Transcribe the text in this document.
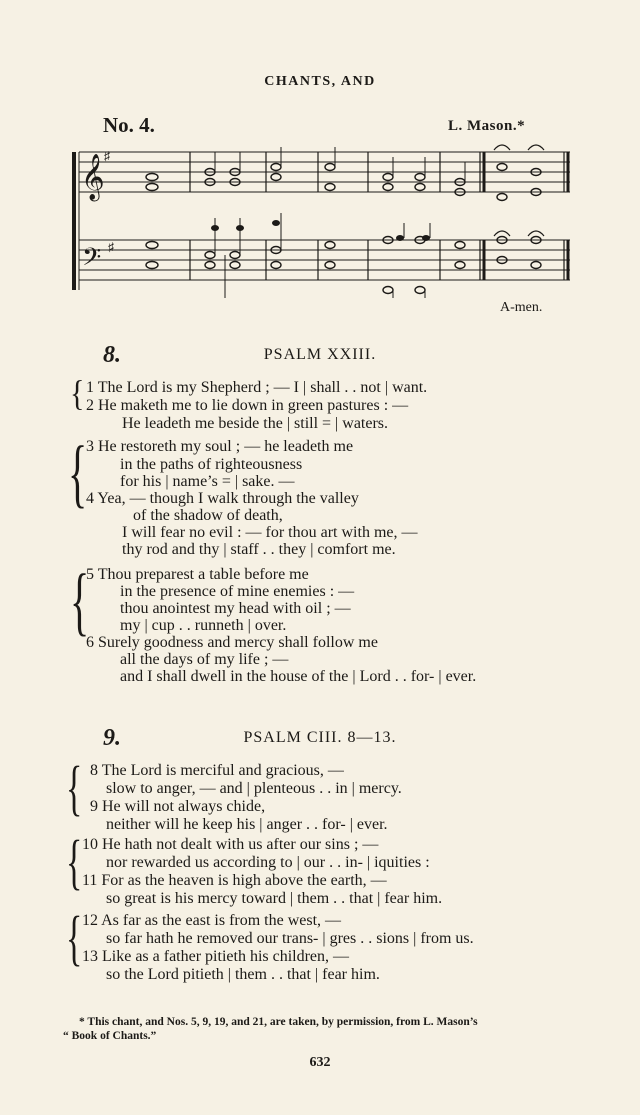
CHANTS, AND
No. 4.	L. Mason.*
𝄞
𝄢
♯
♯
A-men.
8.	PSALM XXIII.
{ 1 The Lord is my Shepherd ; — I | shall . . not | want.
2 He maketh me to lie down in green pastures : —
He leadeth me beside the | still = | waters.
{
3 He restoreth my soul ; — he leadeth me
in the paths of righteousness
for his | name’s = | sake. —
4 Yea, — though I walk through the valley
of the shadow of death,
I will fear no evil : — for thou art with me, —
thy rod and thy | staff . . they | comfort me.
{
5 Thou preparest a table before me
in the presence of mine enemies : —
thou anointest my head with oil ; —
my | cup . . runneth | over.
6 Surely goodness and mercy shall follow me
all the days of my life ; —
and I shall dwell in the house of the | Lord . . for- | ever.
9.	PSALM CIII. 8—13.
{ 8 The Lord is merciful and gracious, —
slow to anger, — and | plenteous . . in | mercy.
9 He will not always chide,
neither will he keep his | anger . . for- | ever.
{ 10 He hath not dealt with us after our sins ; —
nor rewarded us according to | our . . in- | iquities :
11 For as the heaven is high above the earth, —
so great is his mercy toward | them . . that | fear him.
{ 12 As far as the east is from the west, —
so far hath he removed our trans- | gres . . sions | from us.
13 Like as a father pitieth his children, —
so the Lord pitieth | them . . that | fear him.
* This chant, and Nos. 5, 9, 19, and 21, are taken, by permission, from L. Mason’s
“ Book of Chants.”
632
